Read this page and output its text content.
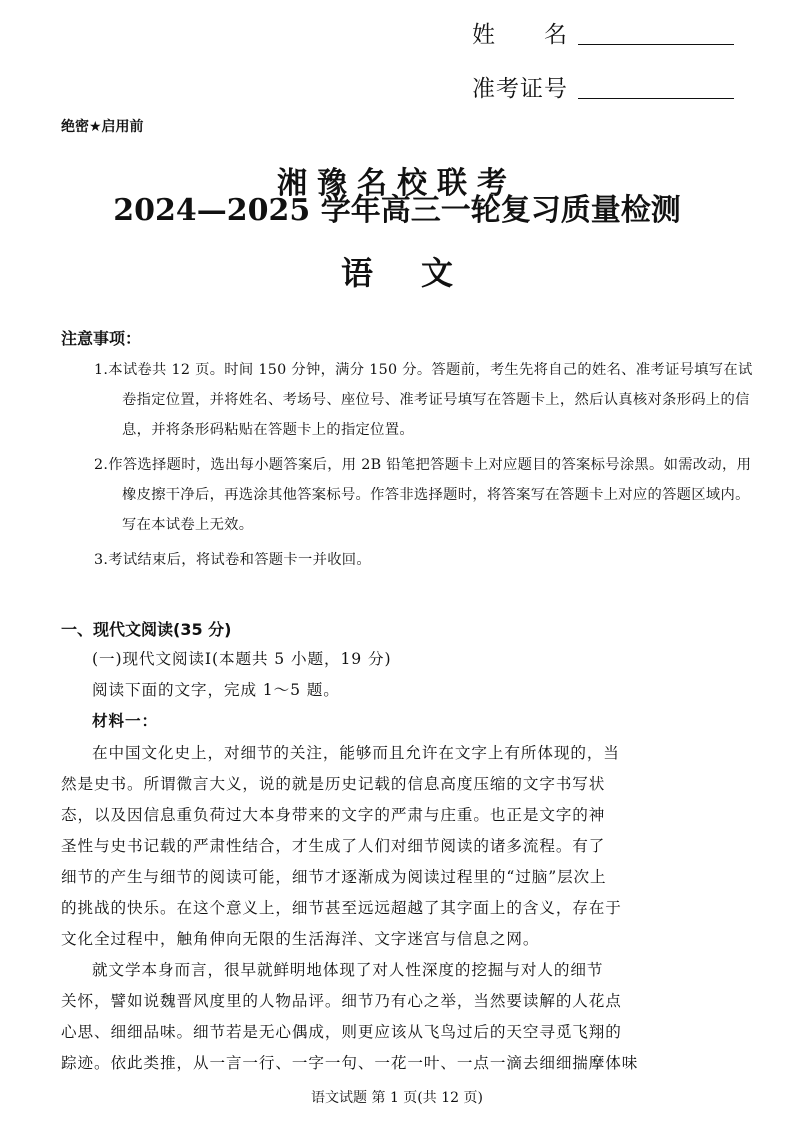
姓　　名
准考证号
绝密★启用前
湘豫名校联考
2024—2025 学年高三一轮复习质量检测
语文
注意事项：
1.本试卷共 12 页。时间 150 分钟，满分 150 分。答题前，考生先将自己的姓名、准考证号填写在试卷指定位置，并将姓名、考场号、座位号、准考证号填写在答题卡上，然后认真核对条形码上的信息，并将条形码粘贴在答题卡上的指定位置。
2.作答选择题时，选出每小题答案后，用 2B 铅笔把答题卡上对应题目的答案标号涂黑。如需改动，用橡皮擦干净后，再选涂其他答案标号。作答非选择题时，将答案写在答题卡上对应的答题区域内。写在本试卷上无效。
3.考试结束后，将试卷和答题卡一并收回。
一、现代文阅读(35 分)
(一)现代文阅读Ⅰ(本题共 5 小题，19 分)
阅读下面的文字，完成 1～5 题。
材料一：
在中国文化史上，对细节的关注，能够而且允许在文字上有所体现的，当
然是史书。所谓微言大义，说的就是历史记载的信息高度压缩的文字书写状
态，以及因信息重负荷过大本身带来的文字的严肃与庄重。也正是文字的神
圣性与史书记载的严肃性结合，才生成了人们对细节阅读的诸多流程。有了
细节的产生与细节的阅读可能，细节才逐渐成为阅读过程里的“过脑”层次上
的挑战的快乐。在这个意义上，细节甚至远远超越了其字面上的含义，存在于
文化全过程中，触角伸向无限的生活海洋、文字迷宫与信息之网。
就文学本身而言，很早就鲜明地体现了对人性深度的挖掘与对人的细节
关怀，譬如说魏晋风度里的人物品评。细节乃有心之举，当然要读解的人花点
心思、细细品味。细节若是无心偶成，则更应该从飞鸟过后的天空寻觅飞翔的
踪迹。依此类推，从一言一行、一字一句、一花一叶、一点一滴去细细揣摩体味
语文试题 第 1 页(共 12 页)
